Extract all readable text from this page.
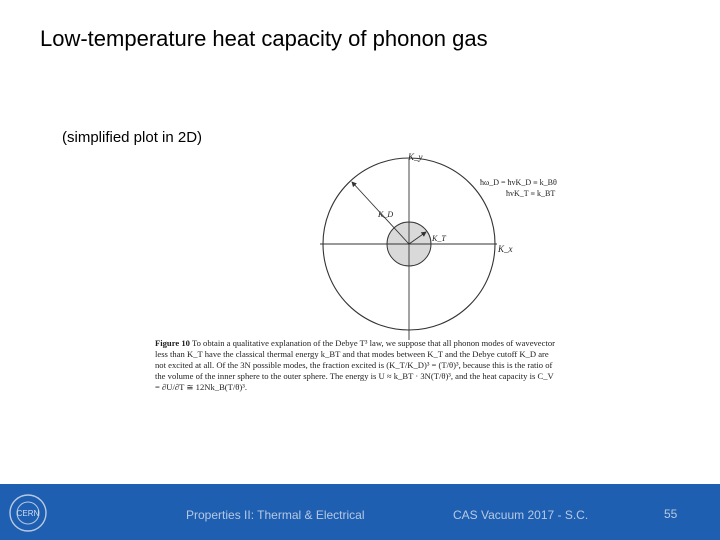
Low-temperature heat capacity of phonon gas
(simplified plot in 2D)
K_y
K_x
K_D
K_T
ħω_D = ħvK_D ≡ k_Bθ
ħvK_T ≡ k_BT
Figure 10 To obtain a qualitative explanation of the Debye T³ law, we suppose that all phonon modes of wavevector less than K_T have the classical thermal energy k_BT and that modes between K_T and the Debye cutoff K_D are not excited at all. Of the 3N possible modes, the fraction excited is (K_T/K_D)³ = (T/θ)³, because this is the ratio of the volume of the inner sphere to the outer sphere. The energy is U ≈ k_BT · 3N(T/θ)³, and the heat capacity is C_V = ∂U/∂T ≅ 12Nk_B(T/θ)³.
CERN	Properties II: Thermal & Electrical	CAS Vacuum 2017 - S.C.	55
